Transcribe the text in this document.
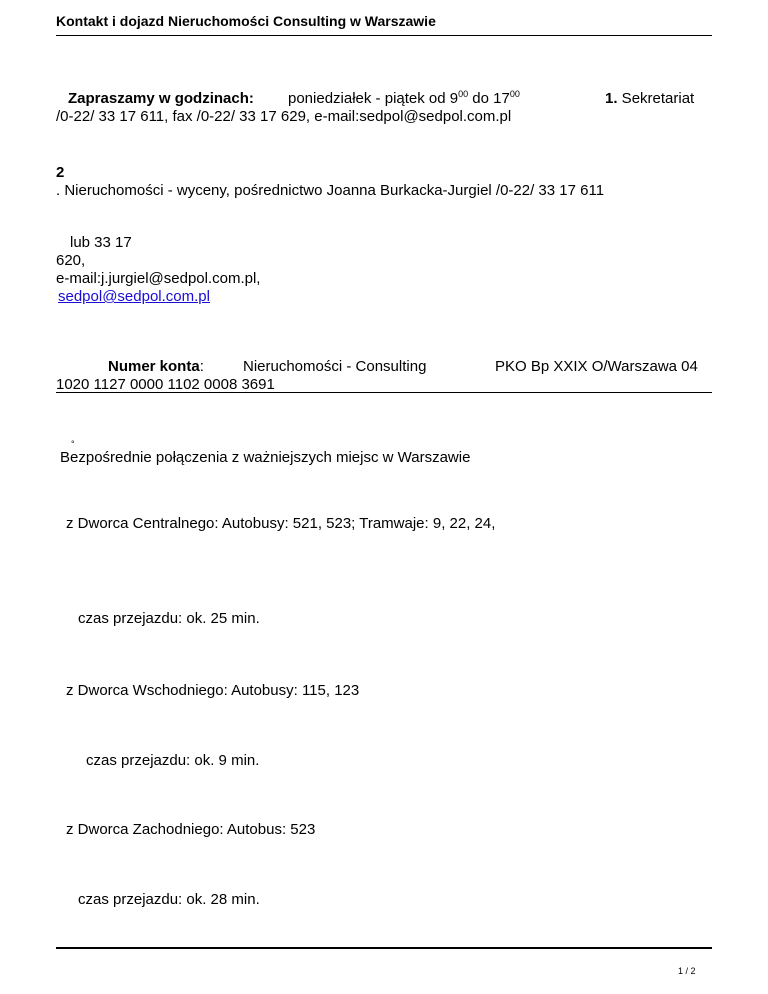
Kontakt i dojazd Nieruchomości Consulting w Warszawie
Zapraszamy w godzinach: poniedziałek - piątek od $9^{00}$ do $17^{00}$	1. Sekretariat
/0-22/ 33 17 611, fax /0-22/ 33 17 629, e-mail:sedpol@sedpol.com.pl
2
. Nieruchomości - wyceny, pośrednictwo Joanna Burkacka-Jurgiel /0-22/ 33 17 611
lub 33 17
620,
e-mail:j.jurgiel@sedpol.com.pl,
sedpol@sedpol.com.pl
Numer konta:	Nieruchomości - Consulting	PKO Bp XXIX O/Warszawa 04
1020 1127 0000 1102 0008 3691
°
Bezpośrednie połączenia z ważniejszych miejsc w Warszawie
z Dworca Centralnego: Autobusy: 521, 523; Tramwaje: 9, 22, 24,
czas przejazdu: ok. 25 min.
z Dworca Wschodniego: Autobusy: 115, 123
czas przejazdu: ok. 9 min.
z Dworca Zachodniego: Autobus: 523
czas przejazdu: ok. 28 min.
1 / 2
